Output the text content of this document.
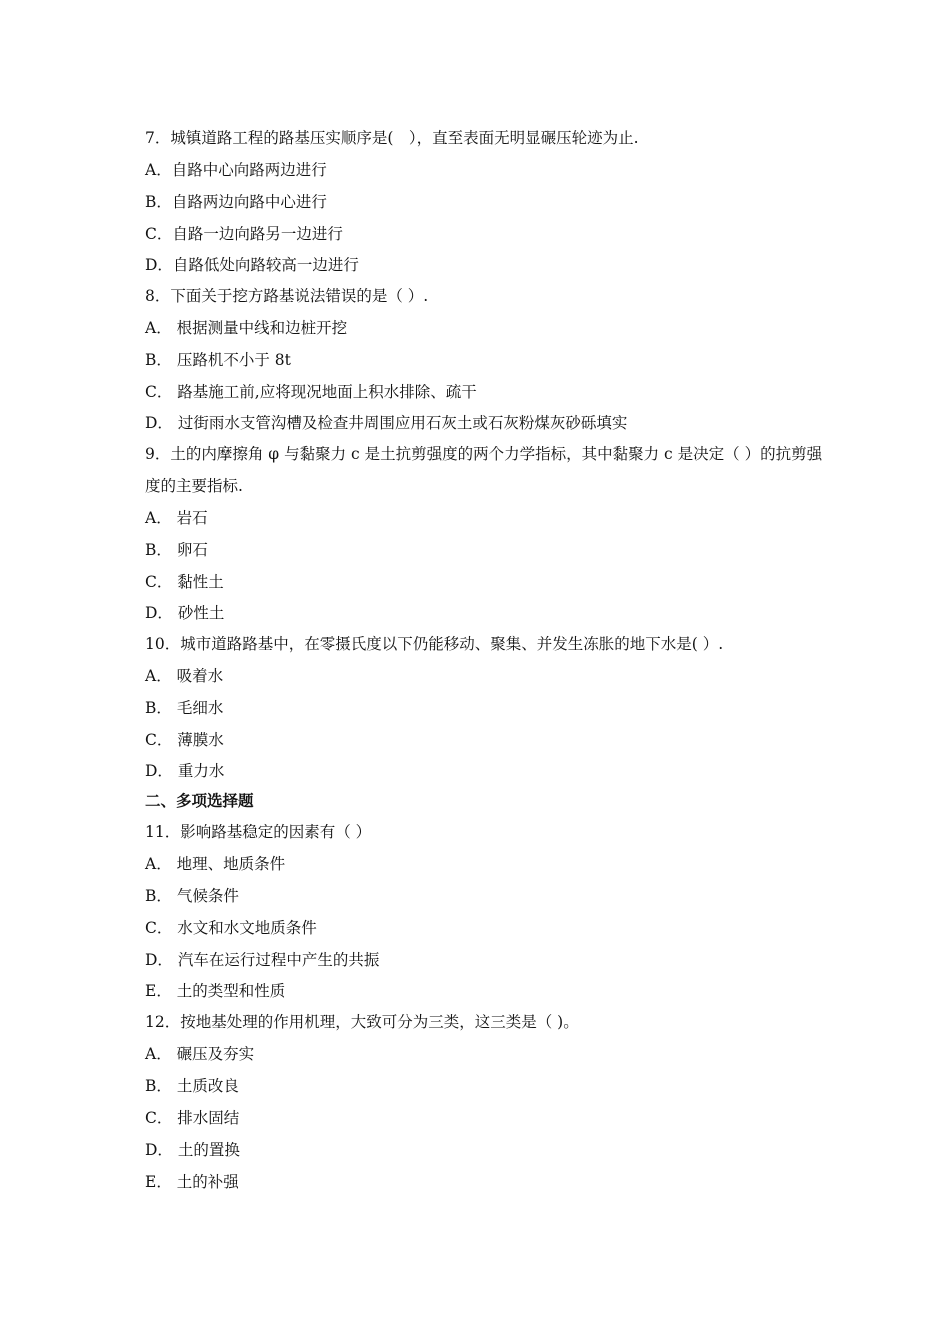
7．城镇道路工程的路基压实顺序是(　），直至表面无明显碾压轮迹为止.
A．自路中心向路两边进行
B．自路两边向路中心进行
C．自路一边向路另一边进行
D．自路低处向路较高一边进行
8．下面关于挖方路基说法错误的是（ ）.
A． 根据测量中线和边桩开挖
B． 压路机不小于 8t
C． 路基施工前,应将现况地面上积水排除、疏干
D． 过街雨水支管沟槽及检查井周围应用石灰土或石灰粉煤灰砂砾填实
9．土的内摩擦角 φ 与黏聚力 c 是土抗剪强度的两个力学指标，其中黏聚力 c 是决定（ ）的抗剪强度的主要指标.
A． 岩石
B． 卵石
C． 黏性土
D． 砂性土
10．城市道路路基中，在零摄氏度以下仍能移动、聚集、并发生冻胀的地下水是( ）.
A． 吸着水
B． 毛细水
C． 薄膜水
D． 重力水
二、多项选择题
11．影响路基稳定的因素有（ ）
A． 地理、地质条件
B． 气候条件
C． 水文和水文地质条件
D． 汽车在运行过程中产生的共振
E． 土的类型和性质
12．按地基处理的作用机理，大致可分为三类，这三类是（ )。
A． 碾压及夯实
B． 土质改良
C． 排水固结
D． 土的置换
E． 土的补强
